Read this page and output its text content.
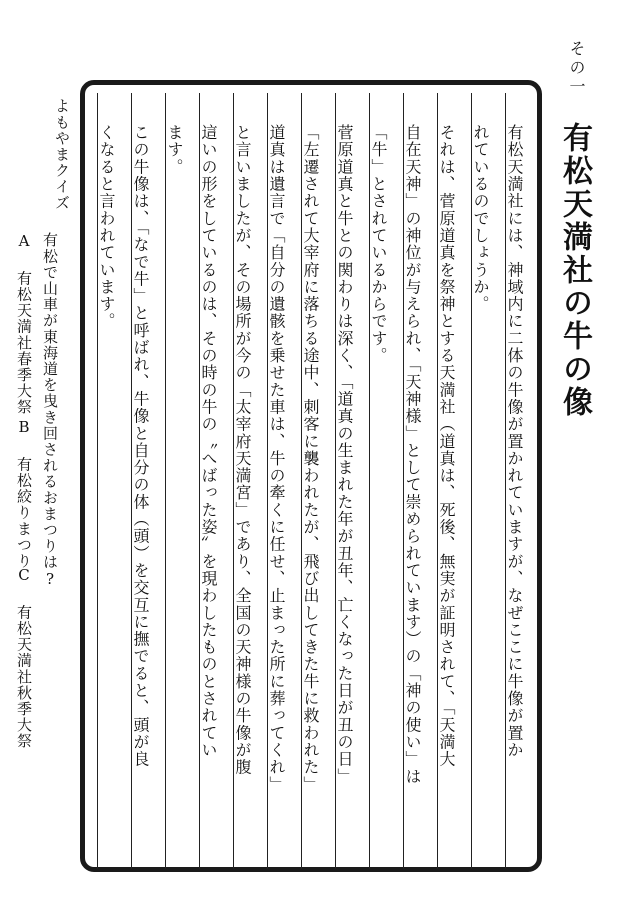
その一
有松天満社の牛の像
有松天満社には、神域内に二体の牛像が置かれていますが、なぜここに牛像が置か
れているのでしょうか。
それは、菅原道真を祭神とする天満社（道真は、死後、無実が証明されて、「天満大
自在天神」の神位が与えられ、「天神様」として崇められています）の「神の使い」は
「牛」とされているからです。
菅原道真と牛との関わりは深く、「道真の生まれた年が丑年、亡くなった日が丑の日」
「左遷されて大宰府に落ちる途中、刺客に襲われたが、飛び出してきた牛に救われた」
道真は遺言で「自分の遺骸を乗せた車は、牛の牽くに任せ、止まった所に葬ってくれ」
と言いましたが、その場所が今の「太宰府天満宮」であり、全国の天神様の牛像が腹
這いの形をしているのは、その時の牛の〝へばった姿〟を現わしたものとされてい
ます。
この牛像は、「なで牛」と呼ばれ、牛像と自分の体（頭）を交互に撫でると、頭が良
くなると言われています。
よもやまクイズ
有松で山車が東海道を曳き回されるおまつりは?
A 有松天満社春季大祭
B 有松絞りまつり
C 有松天満社秋季大祭
